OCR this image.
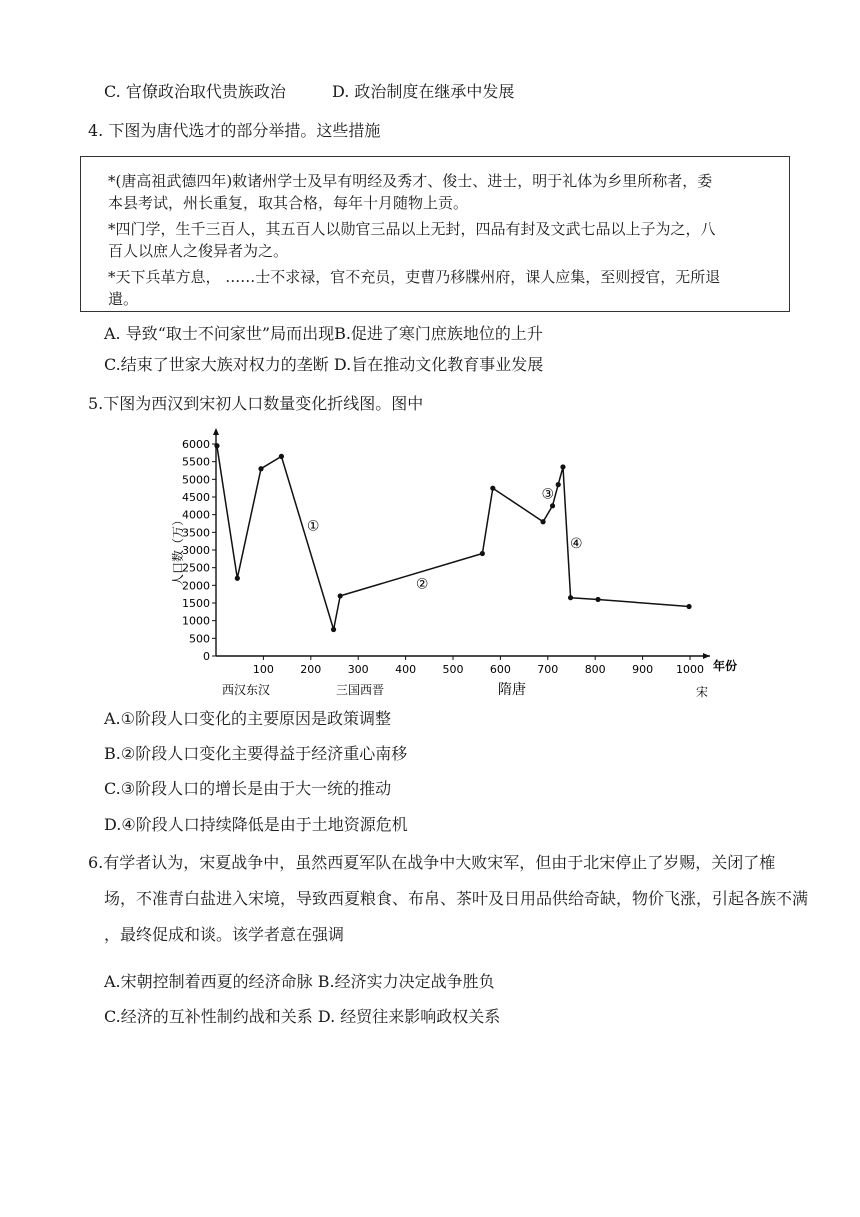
C. 官僚政治取代贵族政治	D. 政治制度在继承中发展
4. 下图为唐代选才的部分举措。这些措施
*(唐高祖武德四年)敕诸州学士及早有明经及秀才、俊士、进士，明于礼体为乡里所称者，委
本县考试，州长重复，取其合格，每年十月随物上贡。
*四门学，生千三百人，其五百人以勋官三品以上无封，四品有封及文武七品以上子为之，八
百人以庶人之俊异者为之。
*天下兵革方息， ……士不求禄，官不充员，吏曹乃移牒州府，课人应集，至则授官，无所退
遣。
A. 导致“取士不问家世”局而出现B.促进了寒门庶族地位的上升
C.结束了世家大族对权力的垄断 D.旨在推动文化教育事业发展
5.下图为西汉到宋初人口数量变化折线图。图中
人口数（万）
年份
西汉东汉	三国西晋	隋唐	宋
6000
5500
5000
4500
4000
3500
3000
2500
2000
1500
1000
500
0
100 200 300 400 500 600 700 800 900 1000
①
②
③
④
A.①阶段人口变化的主要原因是政策调整
B.②阶段人口变化主要得益于经济重心南移
C.③阶段人口的增长是由于大一统的推动
D.④阶段人口持续降低是由于土地资源危机
6.有学者认为，宋夏战争中，虽然西夏军队在战争中大败宋军，但由于北宋停止了岁赐，关闭了榷
场，不准青白盐进入宋境，导致西夏粮食、布帛、茶叶及日用品供给奇缺，物价飞涨，引起各族不满
，最终促成和谈。该学者意在强调
A.宋朝控制着西夏的经济命脉 B.经济实力决定战争胜负
C.经济的互补性制约战和关系 D. 经贸往来影响政权关系
